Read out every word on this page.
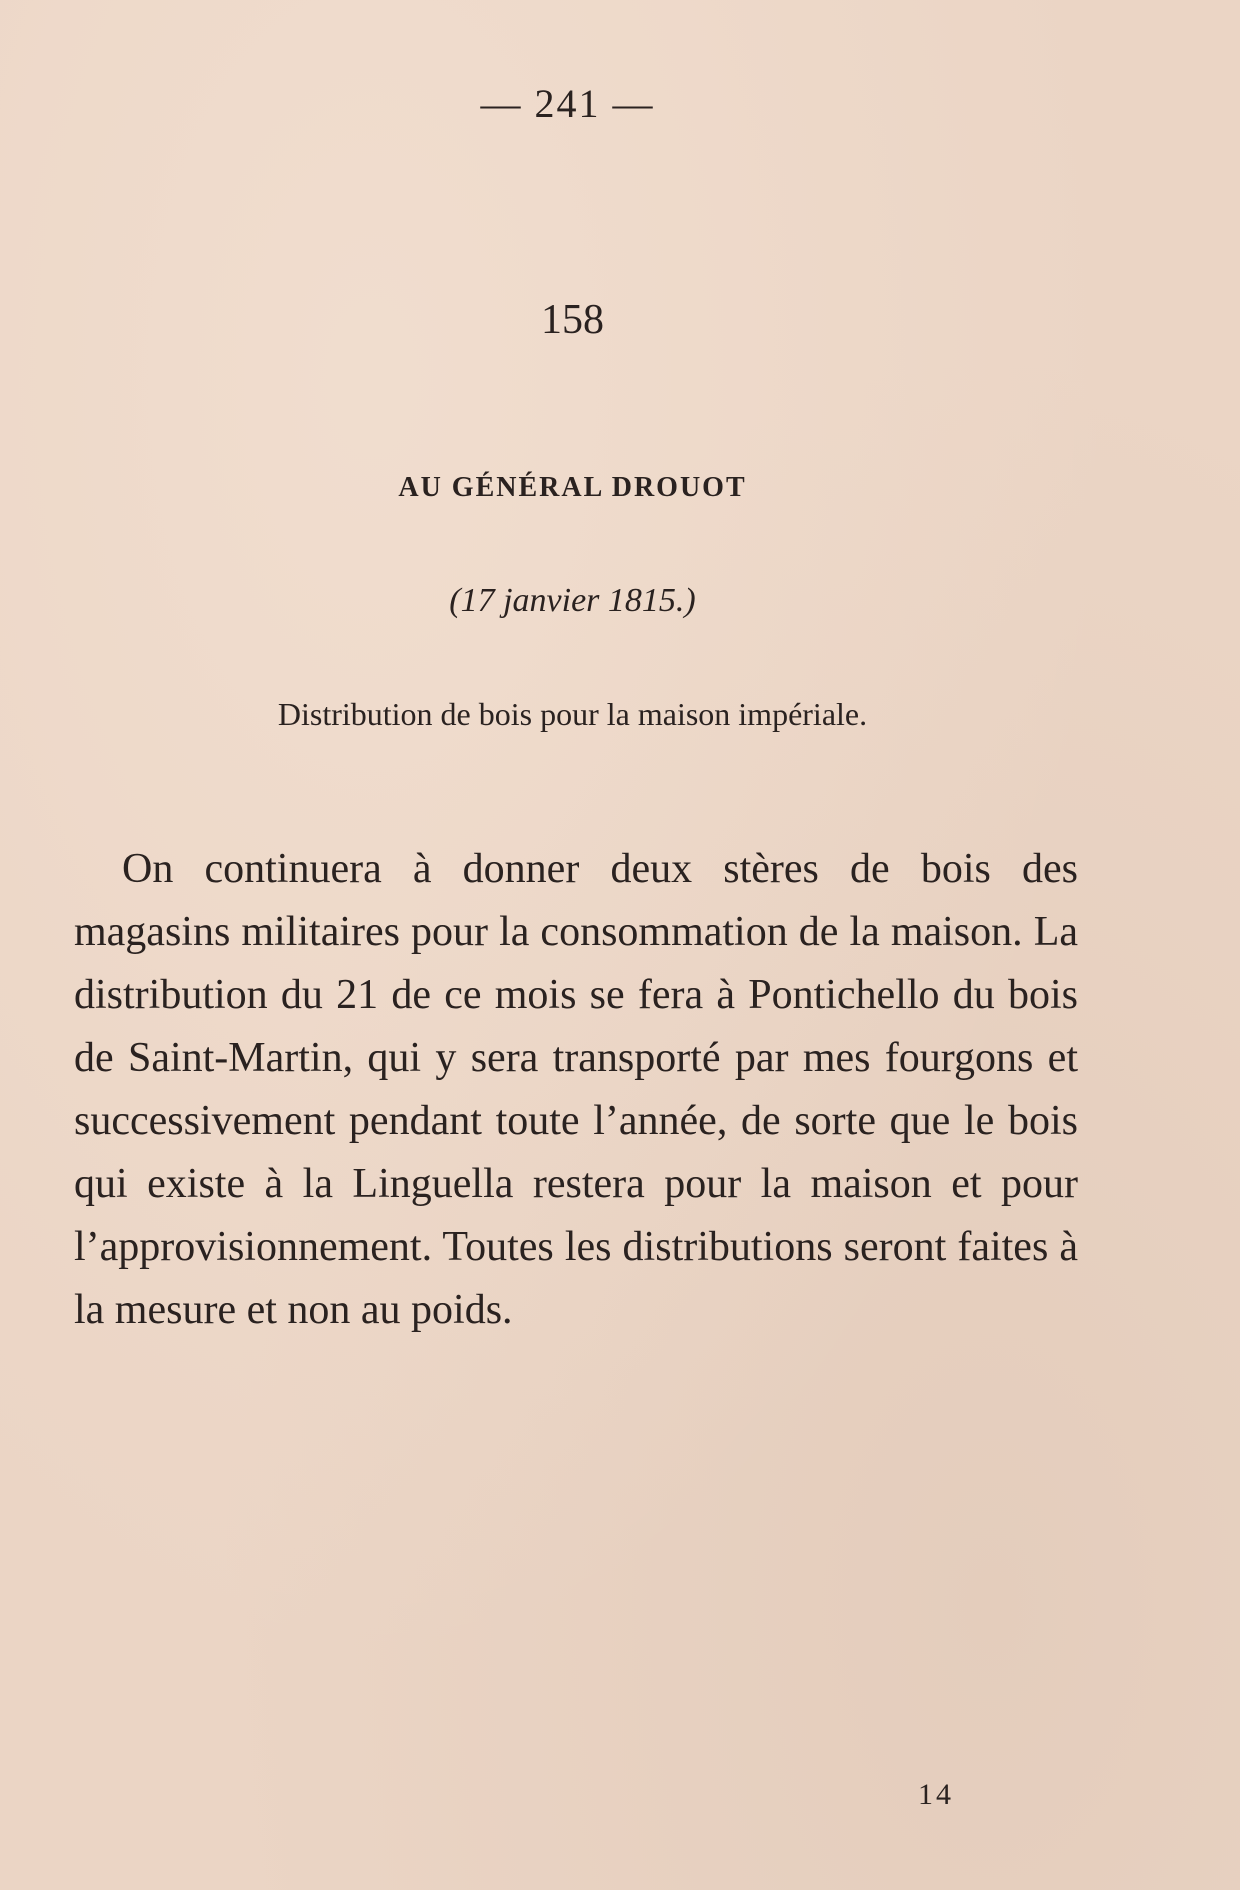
— 241 —
158
AU GÉNÉRAL DROUOT
(17 janvier 1815.)
Distribution de bois pour la maison impériale.
On continuera à donner deux stères de bois des magasins militaires pour la consommation de la maison. La distribution du 21 de ce mois se fera à Pontichello du bois de Saint-Martin, qui y sera transporté par mes fourgons et successivement pendant toute l’année, de sorte que le bois qui existe à la Linguella restera pour la maison et pour l’approvisionnement. Toutes les distributions seront faites à la mesure et non au poids.
14
